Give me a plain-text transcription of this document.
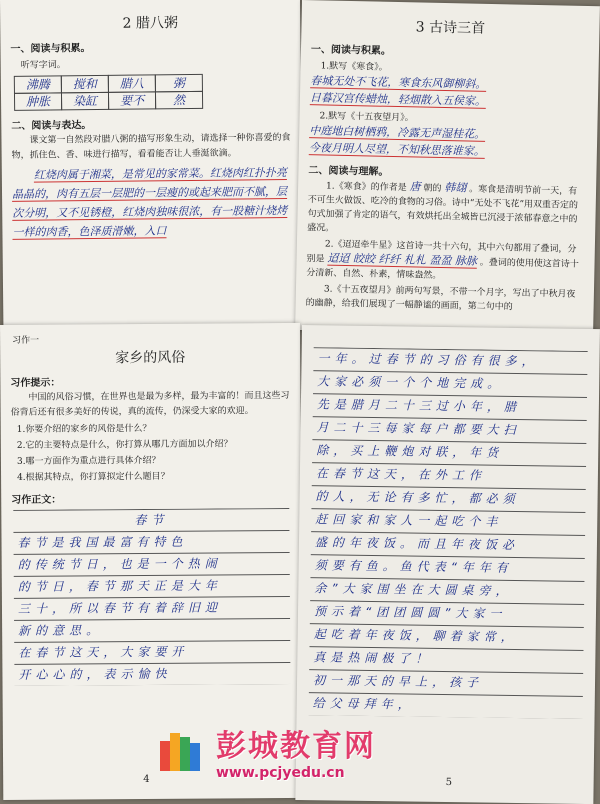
2 腊八粥
一、阅读与积累。
听写字词。
沸腾	搅和	腊八	粥
肿胀	染缸	要不	然
二、阅读与表达。
课文第一自然段对腊八粥的描写形象生动，请选择一种你喜爱的食物，抓住色、香、味进行描写，看看能否让人垂涎欲滴。
红烧肉属于湘菜，是常见的家常菜。红烧肉红扑扑亮晶晶的，肉有五层一层肥的一层瘦的或起来肥而不腻，层次分明，又不见锈橙，红烧肉独味很浓，有一股糖汁烧烤一样的肉香，色泽质滑嫩，入口
3 古诗三首
一、阅读与积累。
1.默写《寒食》。
春城无处不飞花，寒食东风御柳斜。
日暮汉宫传蜡烛，轻烟散入五侯家。
2.默写《十五夜望月》。
中庭地白树栖鸦，冷露无声湿桂花。
今夜月明人尽望，不知秋思落谁家。
二、阅读与理解。
1.《寒食》的作者是 唐 朝的 韩翃 。寒食是清明节前一天，有不可生火做饭、吃冷的食物的习俗。诗中“无处不飞花”用双重否定的句式加强了肯定的语气，有效烘托出全城皆已沉浸于浓郁春意之中的盛况。
2.《迢迢牵牛星》这首诗一共十六句，其中六句都用了叠词，分别是 迢迢 皎皎 纤纤 札札 盈盈 脉脉 。叠词的使用使这首诗十分清新、自然、朴素，情味盎然。
3.《十五夜望月》前两句写景，不带一个月字，写出了中秋月夜的幽静，给我们展现了一幅静谧的画面，第二句中的
习作一
家乡的风俗
习作提示：
中国的风俗习惯，在世界也是最为多样，最为丰富的！而且这些习俗背后还有很多美好的传说，真的流传，仍深受大家的欢迎。
1.你要介绍的家乡的风俗是什么？
2.它的主要特点是什么，你打算从哪几方面加以介绍？
3.哪一方面作为重点进行具体介绍？
4.根据其特点，你打算拟定什么题目？
习作正文：
春节
春节是我国最富有特色
的传统节日，也是一个热闹
的节日，春节那天正是大年
三十，所以春节有着辞旧迎
新的意思。
在春节这天，大家要开
开心心的，表示愉快
4
一年。过春节的习俗有很多，
大家必须一个个地完成。
先是腊月二十三过小年，腊
月二十三每家每户都要大扫
除，买上鞭炮对联，年货
在春节这天，在外工作
的人，无论有多忙，都必须
赶回家和家人一起吃个丰
盛的年夜饭。而且年夜饭必
须要有鱼。鱼代表“年年有
余”大家围坐在大圆桌旁，
预示着“团团圆圆”大家一
起吃着年夜饭，聊着家常，
真是热闹极了！
初一那天的早上，孩子
给父母拜年，
5
彭城教育网
www.pcjyedu.cn
